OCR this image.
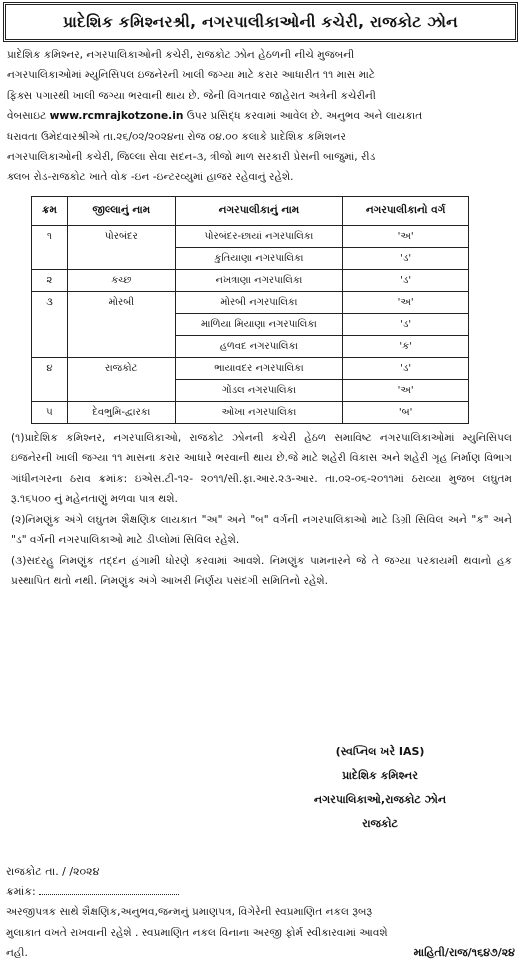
પ્રાદેશિક કમિશ્નરશ્રી, નગરપાલીકાઓની કચેરી, રાજકોટ ઝોન
પ્રાદેશિક કમિશ્નર, નગરપાલિકાઓની કચેરી, રાજકોટ ઝોન હેઠળની નીચે મુજબની
નગરપાલિકાઓમાં મ્યુનિસિપલ ઇજનેરની ખાલી જગ્યા માટે કરાર આધારીત ૧૧ માસ માટે
ફિક્સ પગારથી ખાલી જગ્યા ભરવાની થાય છે. જેની વિગતવાર જાહેરાત અત્રેની કચેરીની
વેબસાઇટ www.rcmrajkotzone.in ઉપર પ્રસિદ્ધ કરવામાં આવેલ છે. અનુભવ અને લાયકાત
ધરાવતા ઉમેદવારશ્રીએ તા.૨૬/૦૨/૨૦૨૪ના રોજ ૦૪.૦૦ કલાકે પ્રાદેશિક કમિશનર
નગરપાલિકાઓની કચેરી, જિલ્લા સેવા સદન-૩, ત્રીજો માળ સરકારી પ્રેસની બાજુમાં, રીડ
ક્લબ રોડ-રાજકોટ ખાતે વોક -ઇન -ઇન્ટરવ્યુમાં હાજર રહેવાનું રહેશે.
ક્રમ	જીલ્લાનું નામ	નગરપાલીકાનું નામ	નગરપાલીકાનો વર્ગ
૧	પોરબંદર	પોરબંદર-છાયાં નગરપાલિકા	'અ'
		કુતિયાણા નગરપાલિકા	'ડ'
૨	કચ્છ	નખત્રાણા નગરપાલિકા	'ડ'
૩	મોરબી	મોરબી નગરપાલિકા	'અ'
		માળિયા મિયાણા નગરપાલિકા	'ડ'
		હળવદ નગરપાલિકા	'ક'
૪	રાજકોટ	ભાયાવદર નગરપાલિકા	'ડ'
		ગોંડલ નગરપાલિકા	'અ'
૫	દેવભુમિ-દ્વારકા	ઓખા નગરપાલિકા	'બ'

(૧)પ્રાદેશિક કમિશ્નર, નગરપાલિકાઓ, રાજકોટ ઝોનની કચેરી હેઠળ સમાવિષ્ટ નગરપાલિકાઓમાં મ્યુનિસિપલ ઇજનેરની ખાલી જગ્યા ૧૧ માસના કરાર આધારે ભરવાની થાય છે.જે માટે શહેરી વિકાસ અને શહેરી ગૃહ નિર્માણ વિભાગ ગાંધીનગરના ઠરાવ ક્રમાંક: ઇએસ.ટી-૧૨- ૨૦૧૧/સી.ફા.આર.૨૩-આર. તા.૦૨-૦૬-૨૦૧૧માં ઠરાવ્યા મુજબ લઘુતમ રૂ.૧૬૫૦૦ નું મહેનતાણું મળવા પાત્ર થશે.

(૨)નિમણુંક અંગે લઘુતમ શૈક્ષણિક લાયકાત "અ" અને "બ" વર્ગની નગરપાલિકાઓ માટે ડિગ્રી સિવિલ અને "ક" અને "ડ" વર્ગની નગરપાલિકાઓ માટે ડીપ્લોમાં સિવિલ રહેશે.

(૩)સદરહુ નિમણુંક તદ્દન હંગામી ધોરણે કરવામાં આવશે. નિમણુંક પામનારને જે તે જગ્યા પરકાયમી થવાનો હક પ્રસ્થાપિત થતો નથી. નિમણુંક અંગે આખરી નિર્ણય પસંદગી સમિતિનો રહેશે.

(સ્વપ્નિલ ખરે IAS)
પ્રાદેશિક કમિશ્નર
નગરપાલિકાઓ,રાજકોટ ઝોન
રાજકોટ
રાજકોટ તા. / /૨૦૨૪
ક્રમાંક:
અરજીપત્રક સાથે શૈક્ષણિક,અનુભવ,જન્મનું પ્રમાણપત્ર, વિગેરેની સ્વપ્રમાણિત નકલ રૂબરૂ
મુલાકાત વખતે રાખવાની રહેશે . સ્વપ્રમાણિત નકલ વિનાના અરજી ફોર્મ સ્વીકારવામાં આવશે
નહી.	માહિતી/રાજ/૧૬૪૭/૨૪
